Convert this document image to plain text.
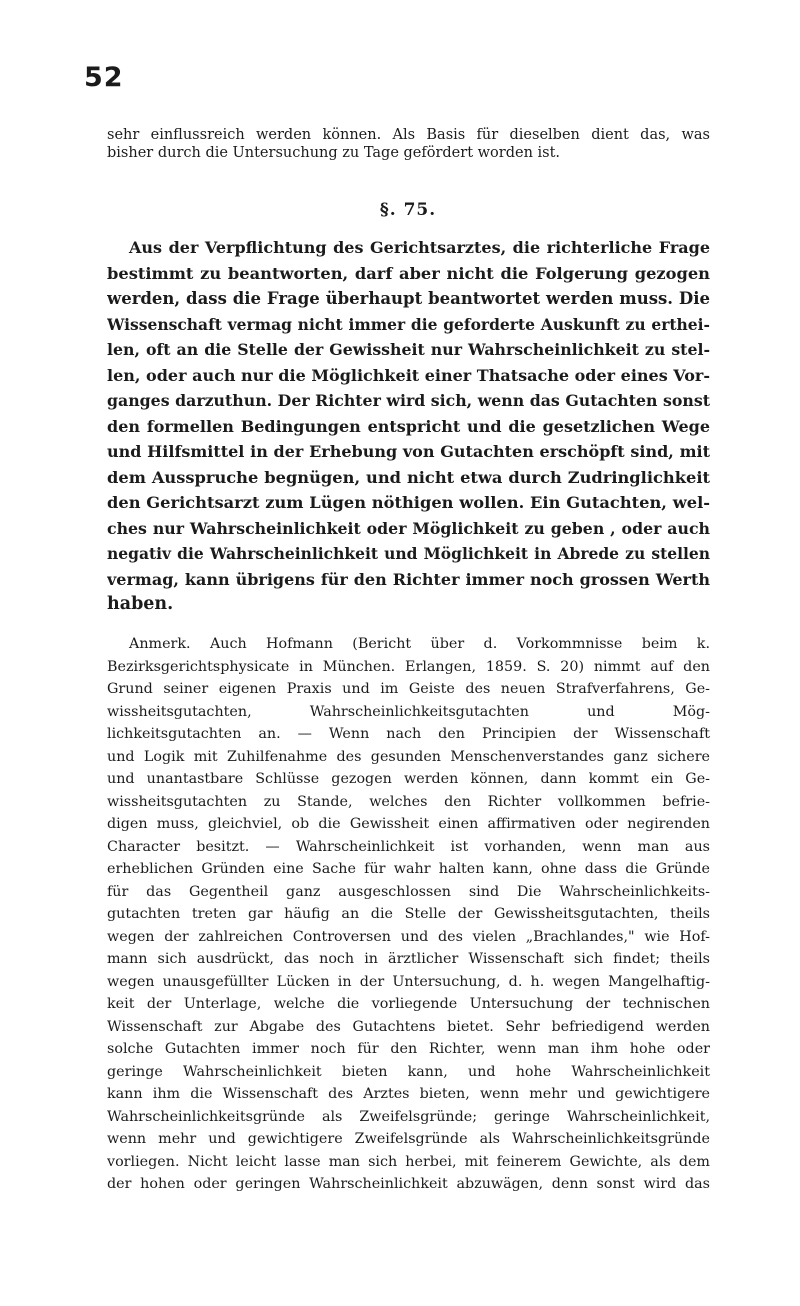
52
sehr einflussreich werden können. Als Basis für dieselben dient das, was
bisher durch die Untersuchung zu Tage gefördert worden ist.
§. 75.
Aus der Verpflichtung des Gerichtsarztes, die richterliche Frage
bestimmt zu beantworten, darf aber nicht die Folgerung gezogen
werden, dass die Frage überhaupt beantwortet werden muss. Die
Wissenschaft vermag nicht immer die geforderte Auskunft zu erthei-
len, oft an die Stelle der Gewissheit nur Wahrscheinlichkeit zu stel-
len, oder auch nur die Möglichkeit einer Thatsache oder eines Vor-
ganges darzuthun. Der Richter wird sich, wenn das Gutachten sonst
den formellen Bedingungen entspricht und die gesetzlichen Wege
und Hilfsmittel in der Erhebung von Gutachten erschöpft sind, mit
dem Ausspruche begnügen, und nicht etwa durch Zudringlichkeit
den Gerichtsarzt zum Lügen nöthigen wollen. Ein Gutachten, wel-
ches nur Wahrscheinlichkeit oder Möglichkeit zu geben , oder auch
negativ die Wahrscheinlichkeit und Möglichkeit in Abrede zu stellen
vermag, kann übrigens für den Richter immer noch grossen Werth
haben.
Anmerk. Auch Hofmann (Bericht über d. Vorkommnisse beim k.
Bezirksgerichtsphysicate in München. Erlangen, 1859. S. 20) nimmt auf den
Grund seiner eigenen Praxis und im Geiste des neuen Strafverfahrens, Ge-
wissheitsgutachten, Wahrscheinlichkeitsgutachten und Mög-
lichkeitsgutachten an. — Wenn nach den Principien der Wissenschaft
und Logik mit Zuhilfenahme des gesunden Menschenverstandes ganz sichere
und unantastbare Schlüsse gezogen werden können, dann kommt ein Ge-
wissheitsgutachten zu Stande, welches den Richter vollkommen befrie-
digen muss, gleichviel, ob die Gewissheit einen affirmativen oder negirenden
Character besitzt. — Wahrscheinlichkeit ist vorhanden, wenn man aus
erheblichen Gründen eine Sache für wahr halten kann, ohne dass die Gründe
für das Gegentheil ganz ausgeschlossen sind Die Wahrscheinlichkeits-
gutachten treten gar häufig an die Stelle der Gewissheitsgutachten, theils
wegen der zahlreichen Controversen und des vielen „Brachlandes," wie Hof-
mann sich ausdrückt, das noch in ärztlicher Wissenschaft sich findet; theils
wegen unausgefüllter Lücken in der Untersuchung, d. h. wegen Mangelhaftig-
keit der Unterlage, welche die vorliegende Untersuchung der technischen
Wissenschaft zur Abgabe des Gutachtens bietet. Sehr befriedigend werden
solche Gutachten immer noch für den Richter, wenn man ihm hohe oder
geringe Wahrscheinlichkeit bieten kann, und hohe Wahrscheinlichkeit
kann ihm die Wissenschaft des Arztes bieten, wenn mehr und gewichtigere
Wahrscheinlichkeitsgründe als Zweifelsgründe; geringe Wahrscheinlichkeit,
wenn mehr und gewichtigere Zweifelsgründe als Wahrscheinlichkeitsgründe
vorliegen. Nicht leicht lasse man sich herbei, mit feinerem Gewichte, als dem
der hohen oder geringen Wahrscheinlichkeit abzuwägen, denn sonst wird das
